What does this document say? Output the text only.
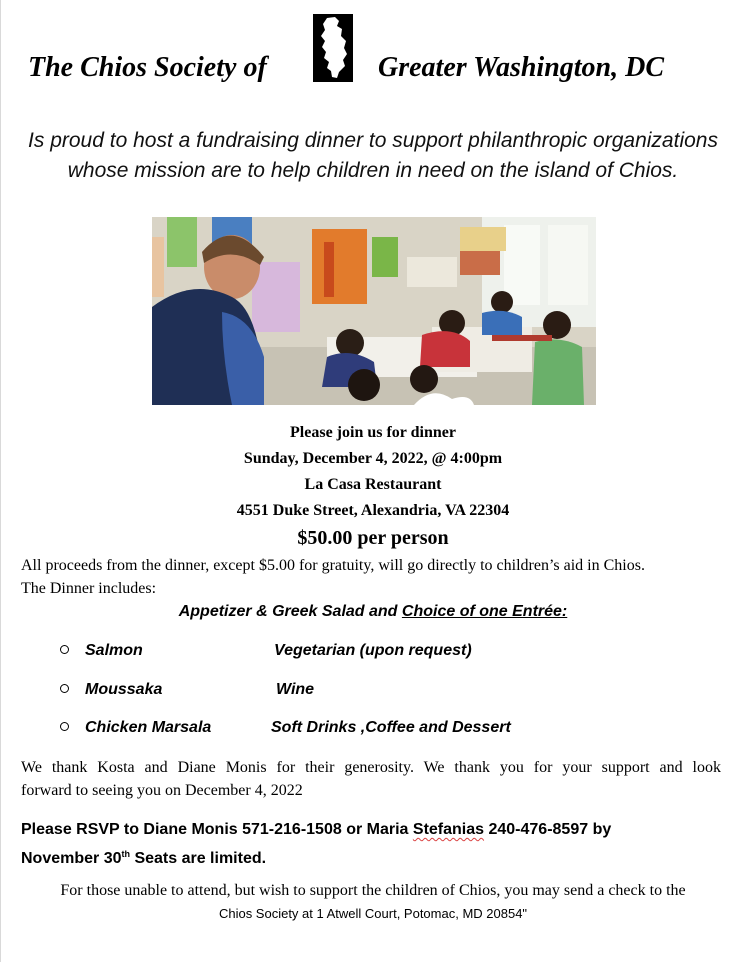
The Chios Society of	Greater Washington, DC
Is proud to host a fundraising dinner to support philanthropic organizations whose mission are to help children in need on the island of Chios.
Please join us for dinner
Sunday, December 4, 2022, @ 4:00pm
La Casa Restaurant
4551 Duke Street, Alexandria, VA 22304
$50.00 per person
All proceeds from the dinner, except $5.00 for gratuity, will go directly to children’s aid in Chios.
The Dinner includes:
Appetizer & Greek Salad and Choice of one Entrée:
Salmon	Vegetarian (upon request)
Moussaka	Wine
Chicken Marsala	Soft Drinks ,Coffee and Dessert
We thank Kosta and Diane Monis for their generosity. We thank you for your support and look
forward to seeing you on December 4, 2022
Please RSVP to Diane Monis 571-216-1508 or Maria Stefanias 240-476-8597 by
November 30th Seats are limited.
For those unable to attend, but wish to support the children of Chios, you may send a check to the
Chios Society at 1 Atwell Court, Potomac, MD 20854"
